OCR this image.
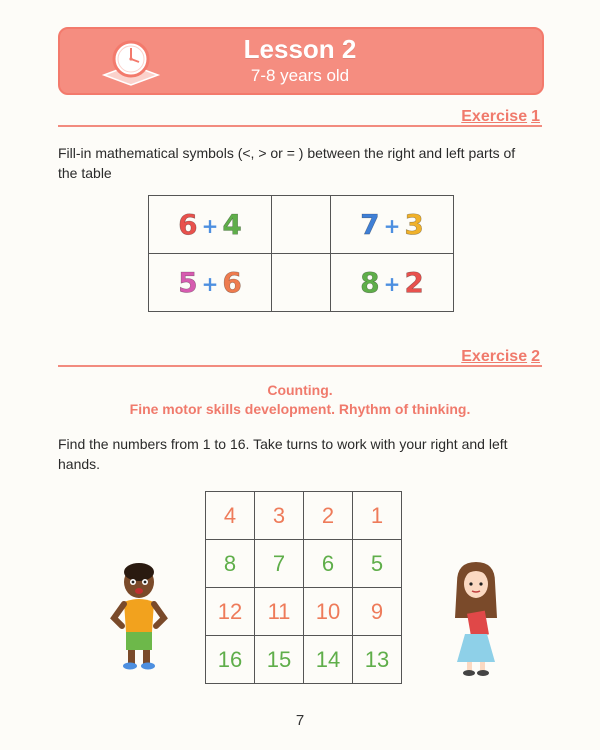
Lesson 2
7-8 years old
Exercise 1
Fill-in mathematical symbols (<, > or = ) between the right and left parts of the table
6 + 4		7 + 3
5 + 6		8 + 2
Exercise 2
Counting.
Fine motor skills development. Rhythm of thinking.
Find the numbers from 1 to 16. Take turns to work with your right and left hands.
4	3	2	1
8	7	6	5
12	11	10	9
16	15	14	13
7
